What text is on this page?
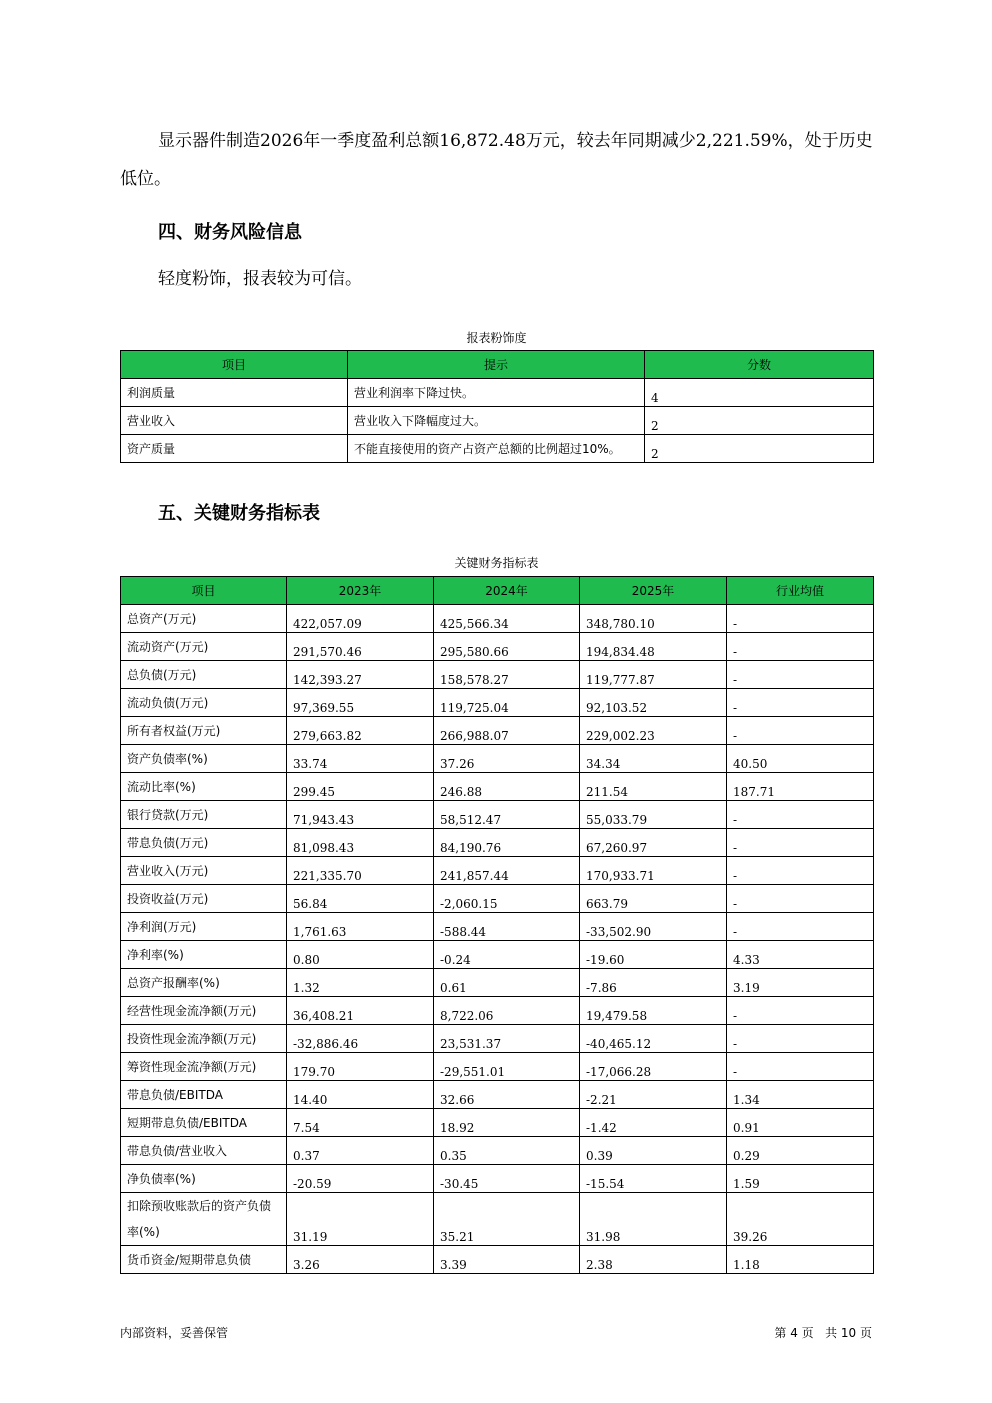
显示器件制造2026年一季度盈利总额16,872.48万元，较去年同期减少2,221.59%，处于历史
低位。
四、财务风险信息
轻度粉饰，报表较为可信。
报表粉饰度
项目	提示	分数
利润质量	营业利润率下降过快。	4
营业收入	营业收入下降幅度过大。	2
资产质量	不能直接使用的资产占资产总额的比例超过10%。	2
五、关键财务指标表
关键财务指标表
项目	2023年	2024年	2025年	行业均值
总资产(万元)	422,057.09	425,566.34	348,780.10	-
流动资产(万元)	291,570.46	295,580.66	194,834.48	-
总负债(万元)	142,393.27	158,578.27	119,777.87	-
流动负债(万元)	97,369.55	119,725.04	92,103.52	-
所有者权益(万元)	279,663.82	266,988.07	229,002.23	-
资产负债率(%)	33.74	37.26	34.34	40.50
流动比率(%)	299.45	246.88	211.54	187.71
银行贷款(万元)	71,943.43	58,512.47	55,033.79	-
带息负债(万元)	81,098.43	84,190.76	67,260.97	-
营业收入(万元)	221,335.70	241,857.44	170,933.71	-
投资收益(万元)	56.84	-2,060.15	663.79	-
净利润(万元)	1,761.63	-588.44	-33,502.90	-
净利率(%)	0.80	-0.24	-19.60	4.33
总资产报酬率(%)	1.32	0.61	-7.86	3.19
经营性现金流净额(万元)	36,408.21	8,722.06	19,479.58	-
投资性现金流净额(万元)	-32,886.46	23,531.37	-40,465.12	-
筹资性现金流净额(万元)	179.70	-29,551.01	-17,066.28	-
带息负债/EBITDA	14.40	32.66	-2.21	1.34
短期带息负债/EBITDA	7.54	18.92	-1.42	0.91
带息负债/营业收入	0.37	0.35	0.39	0.29
净负债率(%)	-20.59	-30.45	-15.54	1.59
扣除预收账款后的资产负债率(%)	31.19	35.21	31.98	39.26
货币资金/短期带息负债	3.26	3.39	2.38	1.18
内部资料，妥善保管	第 4 页   共 10 页
